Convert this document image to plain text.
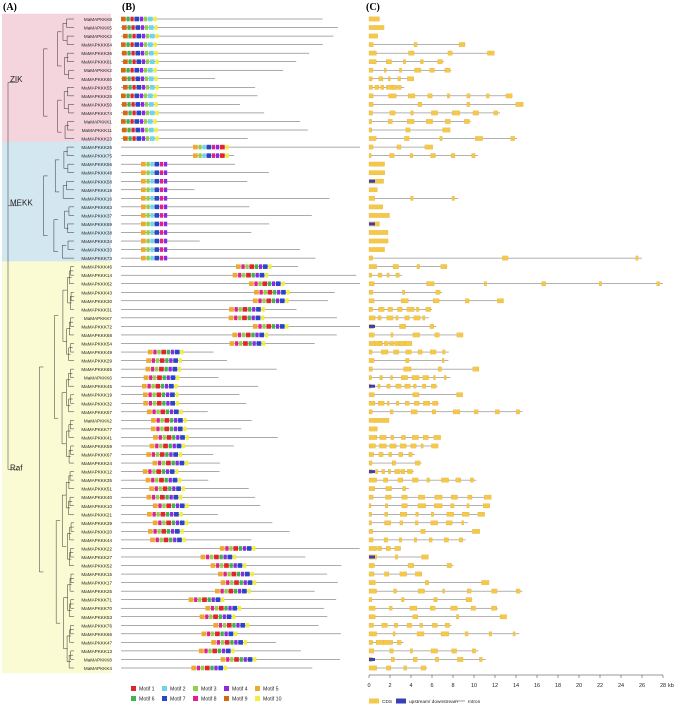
(A)	(B)	(C)
ZIK
MEKK
Raf
MaMAPKKK8
MaMAPKKK5
MaMAPKKK3
MaMAPKKK64
MaMAPKKK36
MaMAPKKK61
MaMAPKKK2
MaMAPKKK60
MaMAPKKK55
MaMAPKKK28
MaMAPKKK50
MaMAPKKK74
MaMAPKKK1
MaMAPKKK11
MaMAPKKK23
MaMAPKKK26
MaMAPKKK75
MaMAPKKK56
MaMAPKKK48
MaMAPKKK58
MaMAPKKK18
MaMAPKKK16
MaMAPKKK63
MaMAPKKK37
MaMAPKKK69
MaMAPKKK38
MaMAPKKK34
MaMAPKKK33
MaMAPKKK73
MaMAPKKK46
MaMAPKKK14
MaMAPKKK62
MaMAPKKK43
MaMAPKKK30
MaMAPKKK31
MaMAPKKK7
MaMAPKKK72
MaMAPKKK68
MaMAPKKK54
MaMAPKKK49
MaMAPKKK29
MaMAPKKK65
MaMAPKKK6
MaMAPKKK45
MaMAPKKK19
MaMAPKKK32
MaMAPKKK57
MaMAPKKK2
MaMAPKKK77
MaMAPKKK41
MaMAPKKK59
MaMAPKKK67
MaMAPKKK24
MaMAPKKK12
MaMAPKKK35
MaMAPKKK51
MaMAPKKK40
MaMAPKKK10
MaMAPKKK21
MaMAPKKK39
MaMAPKKK20
MaMAPKKK44
MaMAPKKK22
MaMAPKKK27
MaMAPKKK52
MaMAPKKK15
MaMAPKKK17
MaMAPKKK25
MaMAPKKK71
MaMAPKKK70
MaMAPKKK53
MaMAPKKK76
MaMAPKKK66
MaMAPKKK47
MaMAPKKK13
MaMAPKKK8
MaMAPKKK4
Motif 1	Motif 2	Motif 3	Motif 4	Motif 5
Motif 6	Motif 7	Motif 8	Motif 9	Motif 10
0	2	4	6	8	10	12	14	16	18	20	22	24	26	28 kb
CDS	upstream/ downstream Intron
